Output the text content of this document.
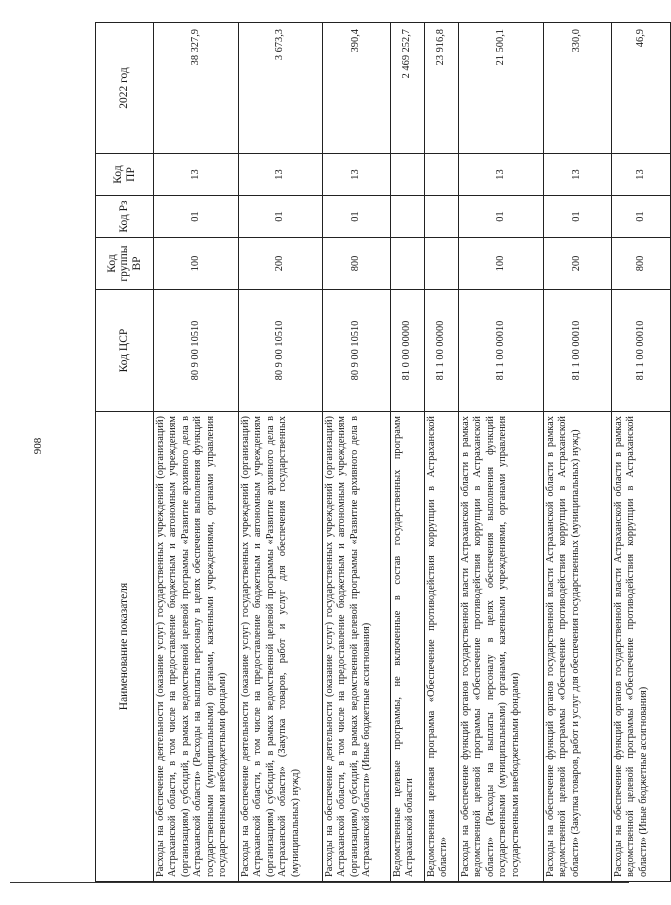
908
Наименование показателя	Код ЦСР	Код группы ВР	Код Рз	Код ПР	2022 год
Расходы на обеспечение деятельности (оказание услуг) государственных учреждений (организаций) Астраханской области, в том числе на предоставление бюджетным и автономным учреждениям (организациям) субсидий, в рамках ведомственной целевой программы «Развитие архивного дела в Астраханской области» (Расходы на выплаты персоналу в целях обеспечения выполнения функций государственными (муниципальными) органами, казенными учреждениями, органами управления государственными внебюджетными фондами)	80 9 00 10510	100	01	13	38 327,9
Расходы на обеспечение деятельности (оказание услуг) государственных учреждений (организаций) Астраханской области, в том числе на предоставление бюджетным и автономным учреждениям (организациям) субсидий, в рамках ведомственной целевой программы «Развитие архивного дела в Астраханской области» (Закупка товаров, работ и услуг для обеспечения государственных (муниципальных) нужд)	80 9 00 10510	200	01	13	3 673,3
Расходы на обеспечение деятельности (оказание услуг) государственных учреждений (организаций) Астраханской области, в том числе на предоставление бюджетным и автономным учреждениям (организациям) субсидий, в рамках ведомственной целевой программы «Развитие архивного дела в Астраханской области» (Иные бюджетные ассигнования)	80 9 00 10510	800	01	13	390,4
Ведомственные целевые программы, не включенные в состав государственных программ Астраханской области	81 0 00 00000				2 469 252,7
Ведомственная целевая программа «Обеспечение противодействия коррупции в Астраханской области»	81 1 00 00000				23 916,8
Расходы на обеспечение функций органов государственной власти Астраханской области в рамках ведомственной целевой программы «Обеспечение противодействия коррупции в Астраханской области» (Расходы на выплаты персоналу в целях обеспечения выполнения функций государственными (муниципальными) органами, казенными учреждениями, органами управления государственными внебюджетными фондами)	81 1 00 00010	100	01	13	21 500,1
Расходы на обеспечение функций органов государственной власти Астраханской области в рамках ведомственной целевой программы «Обеспечение противодействия коррупции в Астраханской области» (Закупка товаров, работ и услуг для обеспечения государственных (муниципальных) нужд)	81 1 00 00010	200	01	13	330,0
Расходы на обеспечение функций органов государственной власти Астраханской области в рамках ведомственной целевой программы «Обеспечение противодействия коррупции в Астраханской области» (Иные бюджетные ассигнования)	81 1 00 00010	800	01	13	46,9
